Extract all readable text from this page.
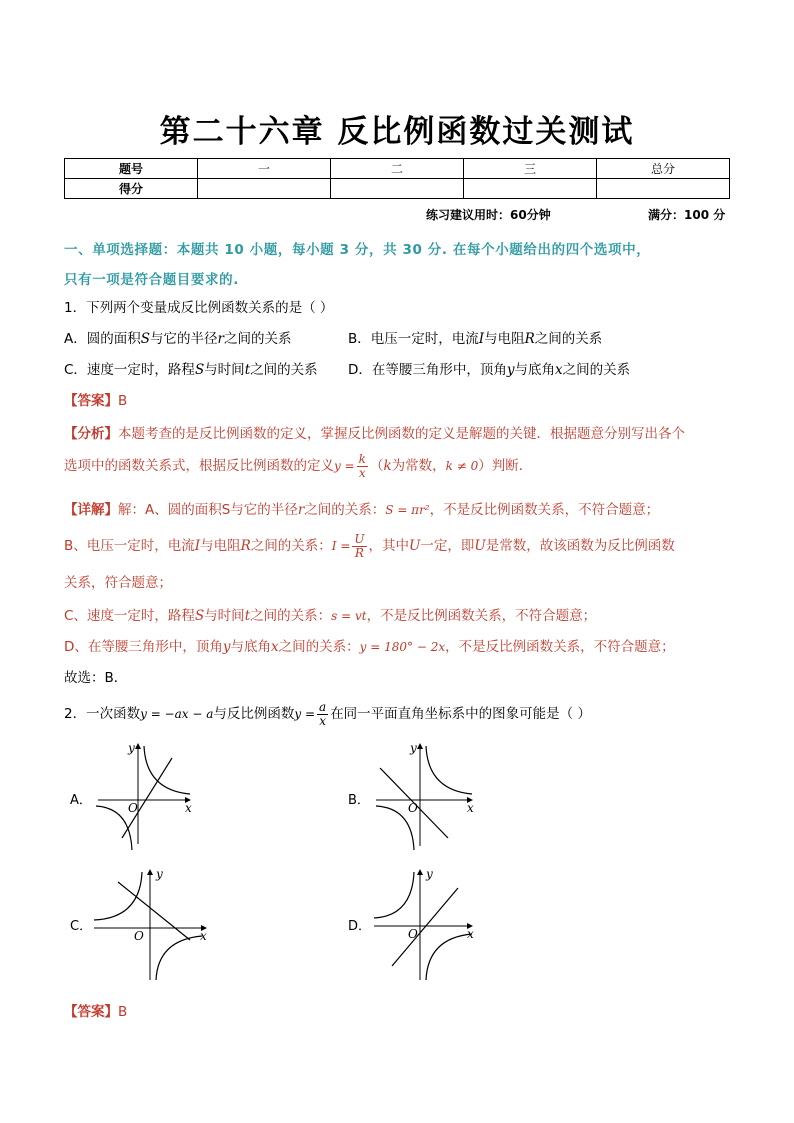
第二十六章 反比例函数过关测试
题号	一	二	三	总分
得分				
练习建议用时：60分钟	满分：100 分
一、单项选择题：本题共 10 小题，每小题 3 分，共 30 分. 在每个小题给出的四个选项中，
只有一项是符合题目要求的.
1．下列两个变量成反比例函数关系的是（ ）
A．圆的面积S与它的半径r之间的关系	B．电压一定时，电流I与电阻R之间的关系
C．速度一定时，路程S与时间t之间的关系 D．在等腰三角形中，顶角y与底角x之间的关系
【答案】B
【分析】本题考查的是反比例函数的定义，掌握反比例函数的定义是解题的关键．根据题意分别写出各个
选项中的函数关系式，根据反比例函数的定义$y = \frac{k}{x} (k$为常数，k ≠ 0）判断．
【详解】解：A、圆的面积S与它的半径r之间的关系：S = πr²，不是反比例函数关系，不符合题意；
B、电压一定时，电流I与电阻R之间的关系：$I = \frac{U}{R}$ ，其中U一定，即U是常数，故该函数为反比例函数
关系，符合题意；
C、速度一定时，路程S与时间t之间的关系：s = vt，不是反比例函数关系，不符合题意；
D、在等腰三角形中，顶角y与底角x之间的关系：y = 180° − 2x，不是反比例函数关系，不符合题意；
故选：B．
2．一次函数y = −ax − a与反比例函数$y = \frac{a}{x}$ 在同一平面直角坐标系中的图象可能是（ ）
A．	O	x
y
B．	O	x
y
C．
O	x
y
D．	O	x
y
【答案】B
